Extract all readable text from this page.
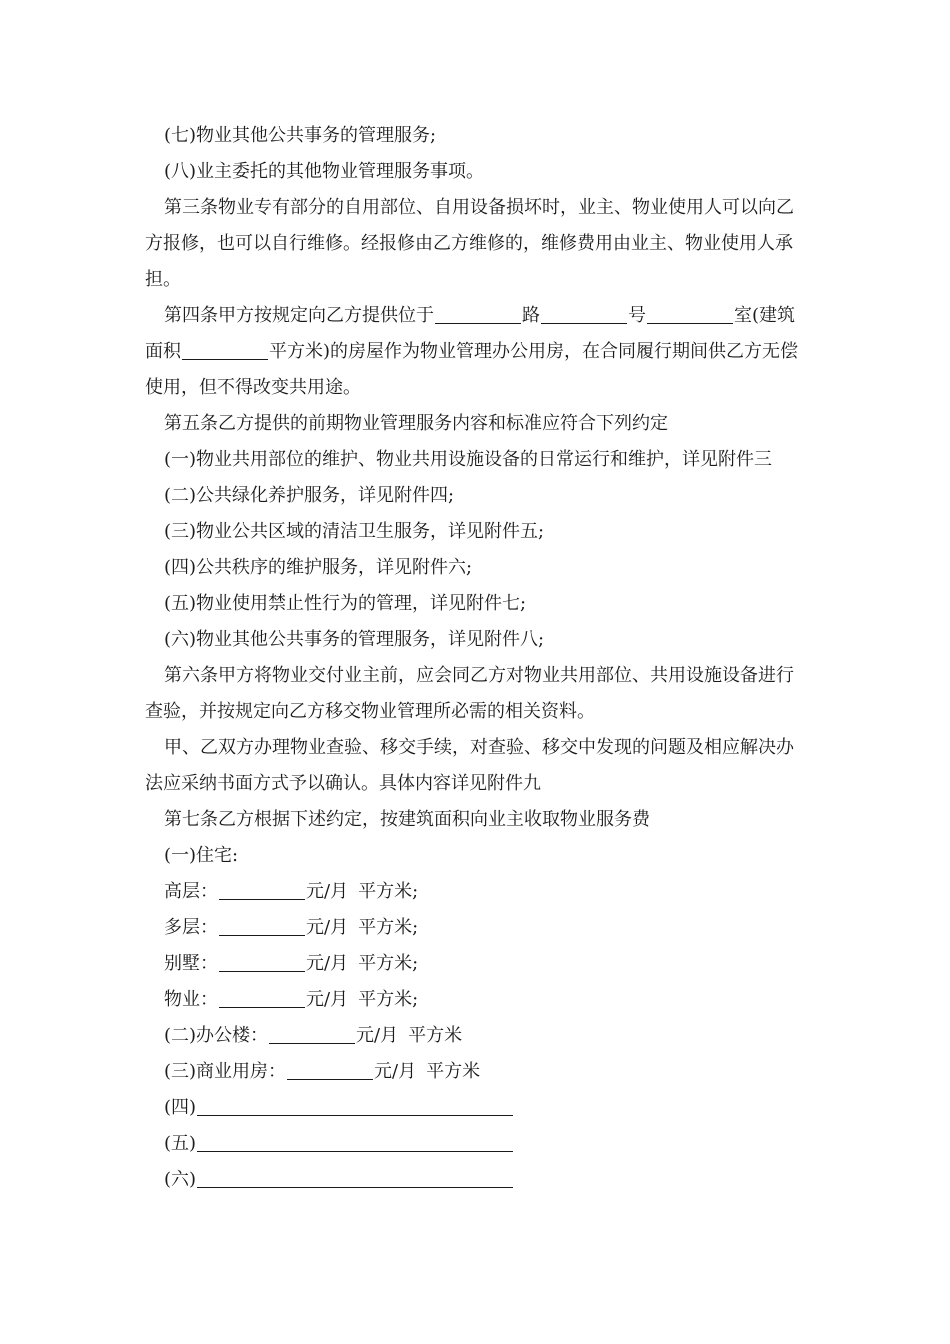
(七)物业其他公共事务的管理服务;

(八)业主委托的其他物业管理服务事项。

第三条物业专有部分的自用部位、自用设备损坏时，业主、物业使用人可以向乙方报修，也可以自行维修。经报修由乙方维修的，维修费用由业主、物业使用人承担。

第四条甲方按规定向乙方提供位于	路	号	室(建筑面积	平方米)的房屋作为物业管理办公用房，在合同履行期间供乙方无偿使用，但不得改变共用途。

第五条乙方提供的前期物业管理服务内容和标准应符合下列约定

(一)物业共用部位的维护、物业共用设施设备的日常运行和维护，详见附件三

(二)公共绿化养护服务，详见附件四;

(三)物业公共区域的清洁卫生服务，详见附件五;

(四)公共秩序的维护服务，详见附件六;

(五)物业使用禁止性行为的管理，详见附件七;

(六)物业其他公共事务的管理服务，详见附件八;

第六条甲方将物业交付业主前，应会同乙方对物业共用部位、共用设施设备进行查验，并按规定向乙方移交物业管理所必需的相关资料。

甲、乙双方办理物业查验、移交手续，对查验、移交中发现的问题及相应解决办法应采纳书面方式予以确认。具体内容详见附件九

第七条乙方根据下述约定，按建筑面积向业主收取物业服务费

(一)住宅:

高层：	元/月 平方米;

多层：	元/月 平方米;

别墅：	元/月 平方米;

物业：	元/月 平方米;

(二)办公楼：	元/月 平方米

(三)商业用房：	元/月 平方米

(四)

(五)

(六)
